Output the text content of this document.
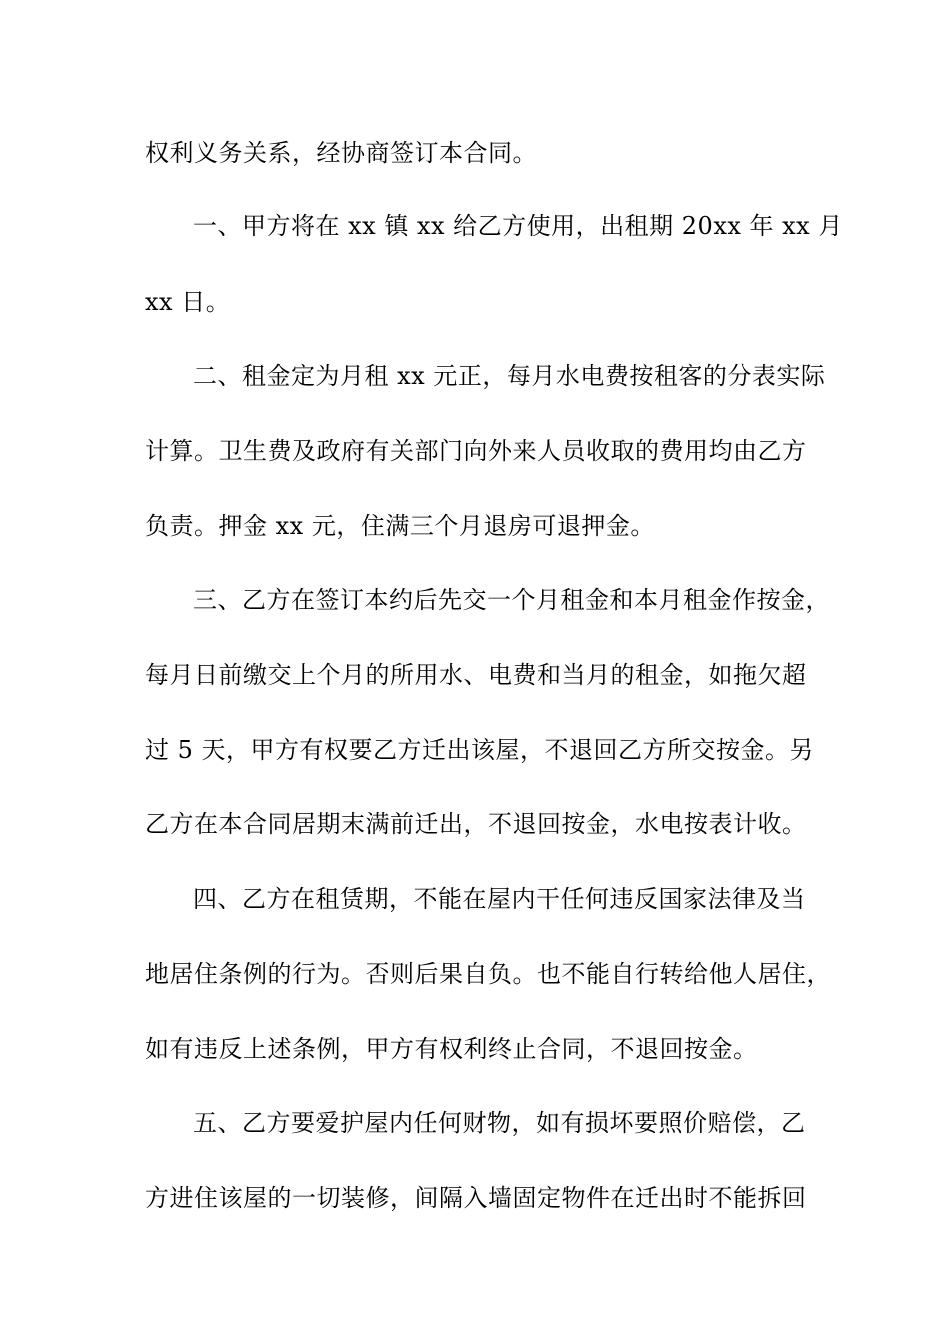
权利义务关系，经协商签订本合同。
一、甲方将在 xx 镇 xx 给乙方使用，出租期 20xx 年 xx 月
xx 日。
二、租金定为月租 xx 元正，每月水电费按租客的分表实际
计算。卫生费及政府有关部门向外来人员收取的费用均由乙方
负责。押金 xx 元，住满三个月退房可退押金。
三、乙方在签订本约后先交一个月租金和本月租金作按金，
每月日前缴交上个月的所用水、电费和当月的租金，如拖欠超
过 5 天，甲方有权要乙方迁出该屋，不退回乙方所交按金。另
乙方在本合同居期末满前迁出，不退回按金，水电按表计收。
四、乙方在租赁期，不能在屋内干任何违反国家法律及当
地居住条例的行为。否则后果自负。也不能自行转给他人居住，
如有违反上述条例，甲方有权利终止合同，不退回按金。
五、乙方要爱护屋内任何财物，如有损坏要照价赔偿，乙
方进住该屋的一切装修，间隔入墙固定物件在迁出时不能拆回
